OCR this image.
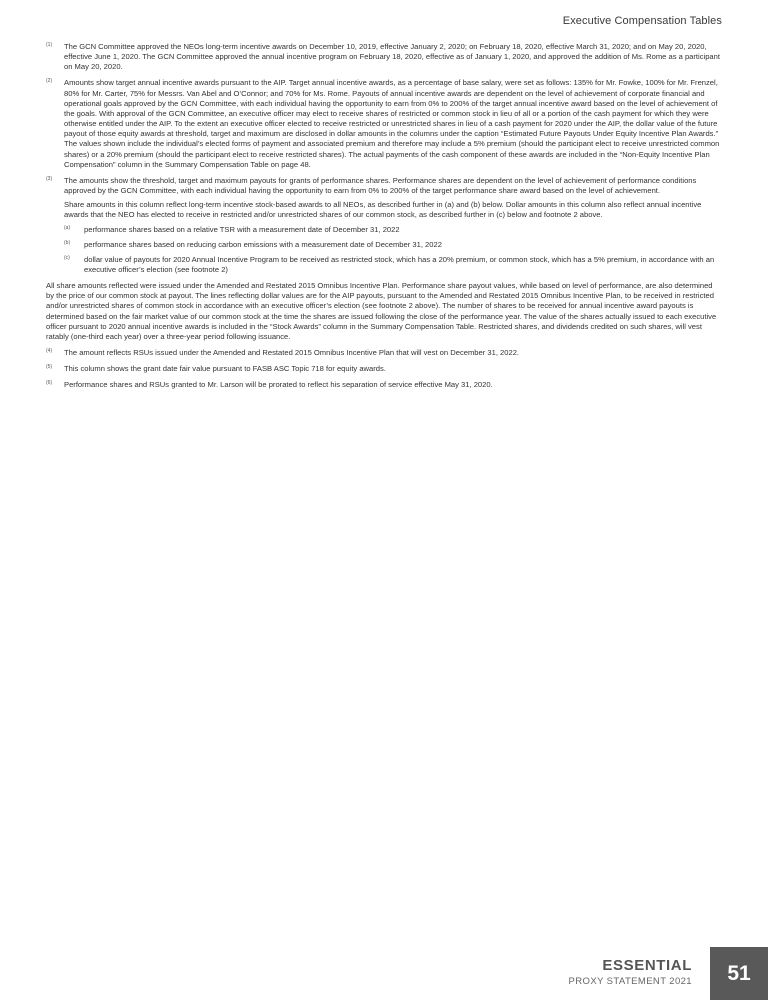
Executive Compensation Tables
(1) The GCN Committee approved the NEOs long-term incentive awards on December 10, 2019, effective January 2, 2020; on February 18, 2020, effective March 31, 2020; and on May 20, 2020, effective June 1, 2020. The GCN Committee approved the annual incentive program on February 18, 2020, effective as of January 1, 2020, and approved the addition of Ms. Rome as a participant on May 20, 2020.

(2) Amounts show target annual incentive awards pursuant to the AIP. Target annual incentive awards, as a percentage of base salary, were set as follows: 135% for Mr. Fowke, 100% for Mr. Frenzel, 80% for Mr. Carter, 75% for Messrs. Van Abel and O’Connor; and 70% for Ms. Rome. Payouts of annual incentive awards are dependent on the level of achievement of corporate financial and operational goals approved by the GCN Committee, with each individual having the opportunity to earn from 0% to 200% of the target annual incentive award based on the level of achievement of the goals. With approval of the GCN Committee, an executive officer may elect to receive shares of restricted or common stock in lieu of all or a portion of the cash payment for which they were otherwise entitled under the AIP. To the extent an executive officer elected to receive restricted or unrestricted shares in lieu of a cash payment for 2020 under the AIP, the dollar value of the future payout of those equity awards at threshold, target and maximum are disclosed in dollar amounts in the columns under the caption “Estimated Future Payouts Under Equity Incentive Plan Awards.” The values shown include the individual’s elected forms of payment and associated premium and therefore may include a 5% premium (should the participant elect to receive unrestricted common shares) or a 20% premium (should the participant elect to receive restricted shares). The actual payments of the cash component of these awards are included in the “Non-Equity Incentive Plan Compensation” column in the Summary Compensation Table on page 48.

(3) The amounts show the threshold, target and maximum payouts for grants of performance shares. Performance shares are dependent on the level of achievement of performance conditions approved by the GCN Committee, with each individual having the opportunity to earn from 0% to 200% of the target performance share award based on the level of achievement.

Share amounts in this column reflect long-term incentive stock-based awards to all NEOs, as described further in (a) and (b) below. Dollar amounts in this column also reflect annual incentive awards that the NEO has elected to receive in restricted and/or unrestricted shares of our common stock, as described further in (c) below and footnote 2 above.

(a) performance shares based on a relative TSR with a measurement date of December 31, 2022
(b) performance shares based on reducing carbon emissions with a measurement date of December 31, 2022
(c) dollar value of payouts for 2020 Annual Incentive Program to be received as restricted stock, which has a 20% premium, or common stock, which has a 5% premium, in accordance with an executive officer’s election (see footnote 2)

All share amounts reflected were issued under the Amended and Restated 2015 Omnibus Incentive Plan. Performance share payout values, while based on level of performance, are also determined by the price of our common stock at payout. The lines reflecting dollar values are for the AIP payouts, pursuant to the Amended and Restated 2015 Omnibus Incentive Plan, to be received in restricted and/or unrestricted shares of common stock in accordance with an executive officer’s election (see footnote 2 above). The number of shares to be received for annual incentive award payouts is determined based on the fair market value of our common stock at the time the shares are issued following the close of the performance year. The value of the shares actually issued to each executive officer pursuant to 2020 annual incentive awards is included in the “Stock Awards” column in the Summary Compensation Table. Restricted shares, and dividends credited on such shares, will vest ratably (one-third each year) over a three-year period following issuance.

(4) The amount reflects RSUs issued under the Amended and Restated 2015 Omnibus Incentive Plan that will vest on December 31, 2022.

(5) This column shows the grant date fair value pursuant to FASB ASC Topic 718 for equity awards.

(6) Performance shares and RSUs granted to Mr. Larson will be prorated to reflect his separation of service effective May 31, 2020.

ESSENTIAL
PROXY STATEMENT 2021	51
